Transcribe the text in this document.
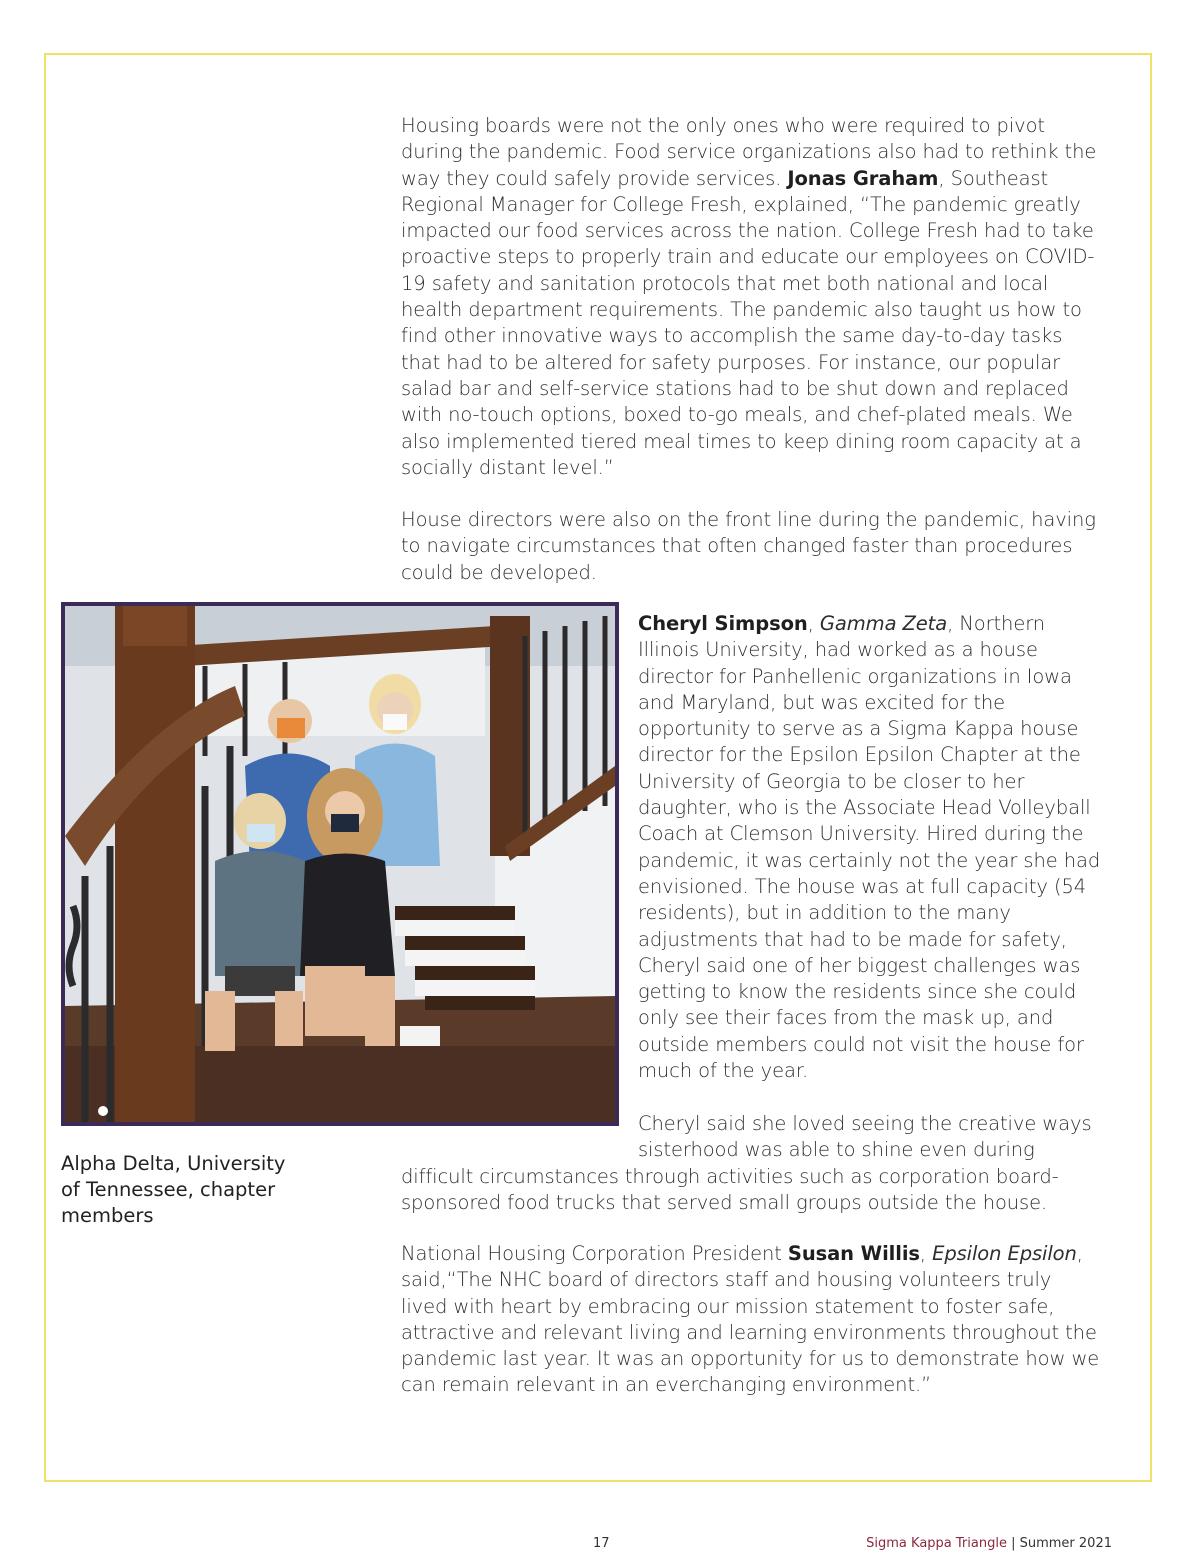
Housing boards were not the only ones who were required to pivot during the pandemic. Food service organizations also had to rethink the way they could safely provide services. Jonas Graham, Southeast Regional Manager for College Fresh, explained, “The pandemic greatly impacted our food services across the nation. College Fresh had to take proactive steps to properly train and educate our employees on COVID-19 safety and sanitation protocols that met both national and local health department requirements. The pandemic also taught us how to find other innovative ways to accomplish the same day-to-day tasks that had to be altered for safety purposes. For instance, our popular salad bar and self-service stations had to be shut down and replaced with no-touch options, boxed to-go meals, and chef-plated meals. We also implemented tiered meal times to keep dining room capacity at a socially distant level.”

House directors were also on the front line during the pandemic, having to navigate circumstances that often changed faster than procedures could be developed.

Alpha Delta, University of Tennessee, chapter members

Cheryl Simpson, Gamma Zeta, Northern Illinois University, had worked as a house director for Panhellenic organizations in Iowa and Maryland, but was excited for the opportunity to serve as a Sigma Kappa house director for the Epsilon Epsilon Chapter at the University of Georgia to be closer to her daughter, who is the Associate Head Volleyball Coach at Clemson University. Hired during the pandemic, it was certainly not the year she had envisioned. The house was at full capacity (54 residents), but in addition to the many adjustments that had to be made for safety, Cheryl said one of her biggest challenges was getting to know the residents since she could only see their faces from the mask up, and outside members could not visit the house for much of the year.

Cheryl said she loved seeing the creative ways sisterhood was able to shine even during

difficult circumstances through activities such as corporation board-sponsored food trucks that served small groups outside the house.

National Housing Corporation President Susan Willis, Epsilon Epsilon, said,“The NHC board of directors staff and housing volunteers truly lived with heart by embracing our mission statement to foster safe, attractive and relevant living and learning environments throughout the pandemic last year. It was an opportunity for us to demonstrate how we can remain relevant in an everchanging environment.”

17	Sigma Kappa Triangle | Summer 2021
